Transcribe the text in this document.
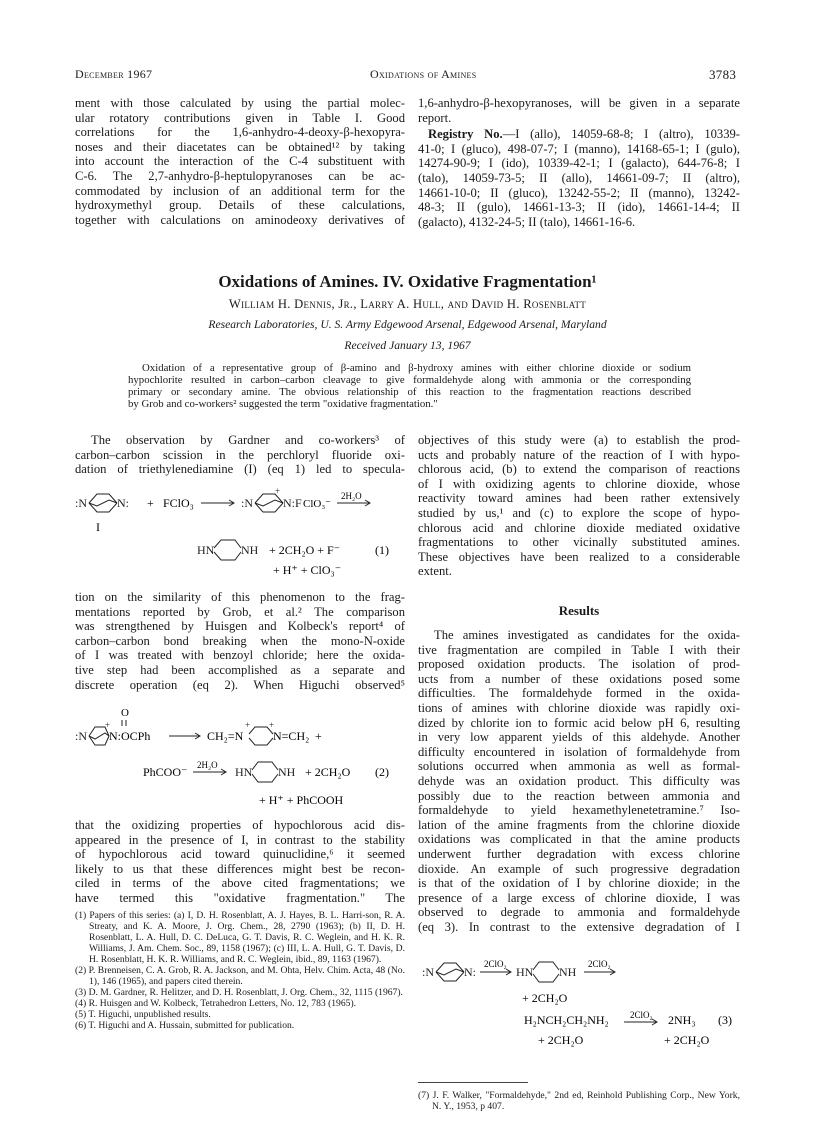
December 1967	Oxidations of Amines	3783

ment with those calculated by using the partial molec-

ular rotatory contributions given in Table I. Good

correlations for the 1,6-anhydro-4-deoxy-β-hexopyra-

noses and their diacetates can be obtained¹² by taking

into account the interaction of the C-4 substituent with

C-6. The 2,7-anhydro-β-heptulopyranoses can be ac-

commodated by inclusion of an additional term for the

hydroxymethyl group. Details of these calculations,

together with calculations on aminodeoxy derivatives of

1,6-anhydro-β-hexopyranoses, will be given in a separate

report.

Registry No.—I (allo), 14059-68-8; I (altro), 10339-

41-0; I (gluco), 498-07-7; I (manno), 14168-65-1; I (gulo),

14274-90-9; I (ido), 10339-42-1; I (galacto), 644-76-8; I

(talo), 14059-73-5; II (allo), 14661-09-7; II (altro),

14661-10-0; II (gluco), 13242-55-2; II (manno), 13242-

48-3; II (gulo), 14661-13-3; II (ido), 14661-14-4; II

(galacto), 4132-24-5; II (talo), 14661-16-6.

Oxidations of Amines. IV. Oxidative Fragmentation¹
William H. Dennis, Jr., Larry A. Hull, and David H. Rosenblatt
Research Laboratories, U. S. Army Edgewood Arsenal, Edgewood Arsenal, Maryland
Received January 13, 1967

Oxidation of a representative group of β-amino and β-hydroxy amines with either chlorine dioxide or sodium

hypochlorite resulted in carbon–carbon cleavage to give formaldehyde along with ammonia or the corresponding

primary or secondary amine. The obvious relationship of this reaction to the fragmentation reactions described

by Grob and co-workers² suggested the term "oxidative fragmentation."

The observation by Gardner and co-workers³ of

carbon–carbon scission in the perchloryl fluoride oxi-

dation of triethylenediamine (I) (eq 1) led to specula-

:N	N:
I
+ FClO₃	:N
+
N:F ClO₃⁻
2H₂O
HN NH + 2CH₂O + F⁻
+ H⁺ + ClO₃⁻
(1)

tion on the similarity of this phenomenon to the frag-

mentations reported by Grob, et al.² The comparison

was strengthened by Huisgen and Kolbeck's report⁴ of

carbon–carbon bond breaking when the mono-N-oxide

of I was treated with benzoyl chloride; here the oxida-

tive step had been accomplished as a separate and

discrete operation (eq 2). When Higuchi observed⁵

O
:N
+
N:OCPh	CH₂=N
+ +
N=CH₂ +
PhCOO⁻ 2H₂O HN NH + 2CH₂O (2)
+ H⁺ + PhCOOH

that the oxidizing properties of hypochlorous acid dis-

appeared in the presence of I, in contrast to the stability

of hypochlorous acid toward quinuclidine,⁶ it seemed

likely to us that these differences might best be recon-

ciled in terms of the above cited fragmentations; we

have termed this "oxidative fragmentation." The

(1) Papers of this series: (a) I, D. H. Rosenblatt, A. J. Hayes, B. L. Harri-son, R. A. Streaty, and K. A. Moore, J. Org. Chem., 28, 2790 (1963); (b) II, D. H. Rosenblatt, L. A. Hull, D. C. DeLuca, G. T. Davis, R. C. Weglein, and H. K. R. Williams, J. Am. Chem. Soc., 89, 1158 (1967); (c) III, L. A. Hull, G. T. Davis, D. H. Rosenblatt, H. K. R. Williams, and R. C. Weglein, ibid., 89, 1163 (1967).

(2) P. Brenneisen, C. A. Grob, R. A. Jackson, and M. Ohta, Helv. Chim. Acta, 48 (No. 1), 146 (1965), and papers cited therein.

(3) D. M. Gardner, R. Helitzer, and D. H. Rosenblatt, J. Org. Chem., 32, 1115 (1967).

(4) R. Huisgen and W. Kolbeck, Tetrahedron Letters, No. 12, 783 (1965).

(5) T. Higuchi, unpublished results.

(6) T. Higuchi and A. Hussain, submitted for publication.

objectives of this study were (a) to establish the prod-

ucts and probably nature of the reaction of I with hypo-

chlorous acid, (b) to extend the comparison of reactions

of I with oxidizing agents to chlorine dioxide, whose

reactivity toward amines had been rather extensively

studied by us,¹ and (c) to explore the scope of hypo-

chlorous acid and chlorine dioxide mediated oxidative

fragmentations to other vicinally substituted amines.

These objectives have been realized to a considerable

extent.

Results

The amines investigated as candidates for the oxida-

tive fragmentation are compiled in Table I with their

proposed oxidation products. The isolation of prod-

ucts from a number of these oxidations posed some

difficulties. The formaldehyde formed in the oxida-

tions of amines with chlorine dioxide was rapidly oxi-

dized by chlorite ion to formic acid below pH 6, resulting

in very low apparent yields of this aldehyde. Another

difficulty encountered in isolation of formaldehyde from

solutions occurred when ammonia as well as formal-

dehyde was an oxidation product. This difficulty was

possibly due to the reaction between ammonia and

formaldehyde to yield hexamethylenetetramine.⁷ Iso-

lation of the amine fragments from the chlorine dioxide

oxidations was complicated in that the amine products

underwent further degradation with excess chlorine

dioxide. An example of such progressive degradation

is that of the oxidation of I by chlorine dioxide; in the

presence of a large excess of chlorine dioxide, I was

observed to degrade to ammonia and formaldehyde

(eq 3). In contrast to the extensive degradation of I

:N	N:
2ClO₂
HN NH
2ClO₂
+ 2CH₂O
H₂NCH₂CH₂NH₂ 2ClO₂ 2NH₃ (3)
+ 2CH₂O	+ 2CH₂O

(7) J. F. Walker, "Formaldehyde," 2nd ed, Reinhold Publishing Corp., New York, N. Y., 1953, p 407.
